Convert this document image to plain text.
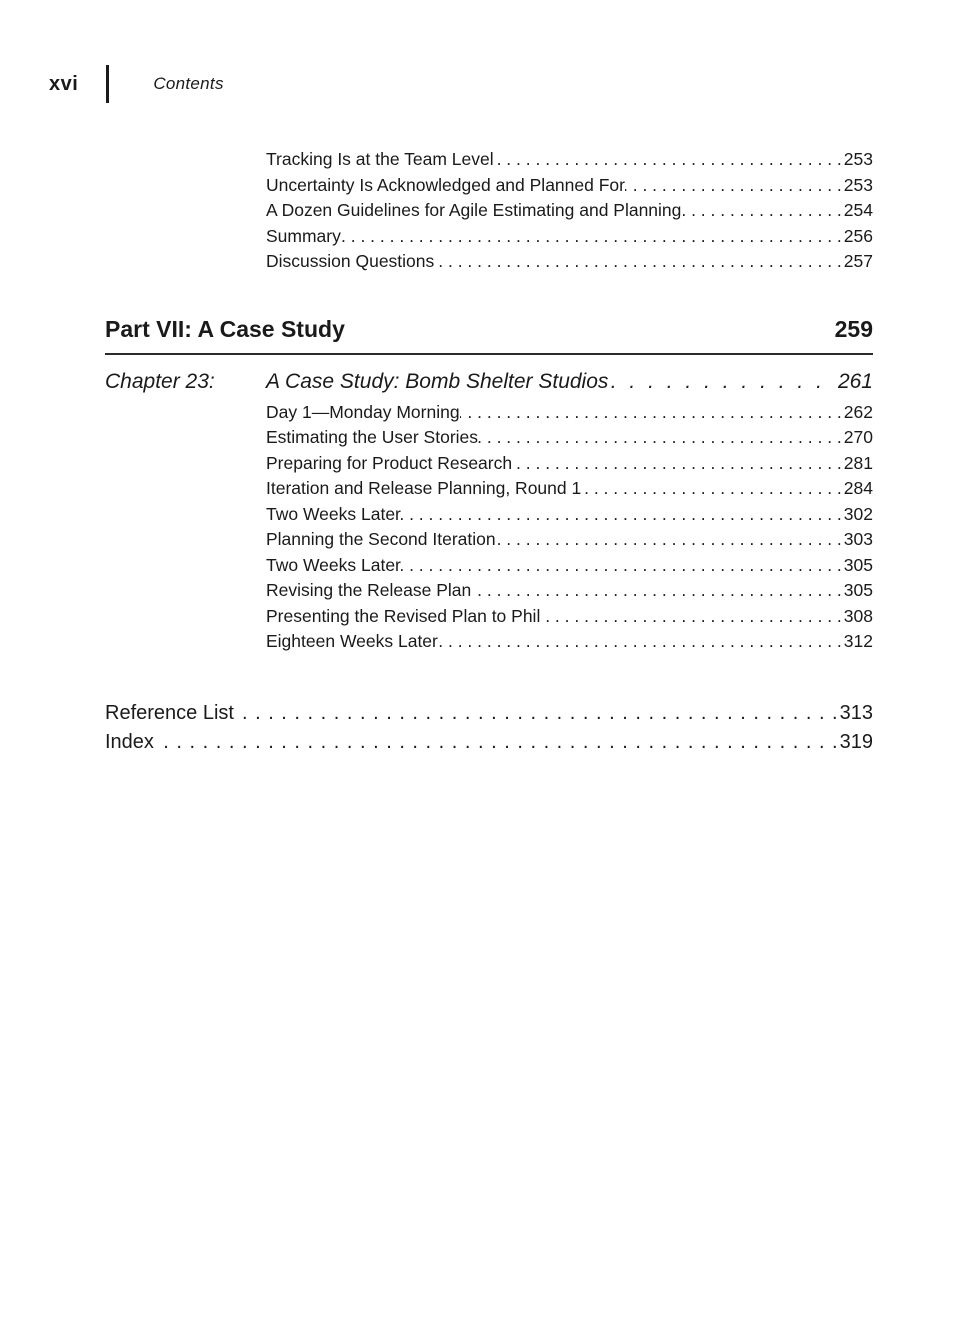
xvi	Contents
Tracking Is at the Team Level . . .	253
Uncertainty Is Acknowledged and Planned For . . .	253
A Dozen Guidelines for Agile Estimating and Planning . . .	254
Summary . . .	256
Discussion Questions . . .	257
Part VII: A Case Study	259
Chapter 23:	A Case Study: Bomb Shelter Studios . . .	261
Day 1—Monday Morning . . .	262
Estimating the User Stories . . .	270
Preparing for Product Research . . .	281
Iteration and Release Planning, Round 1 . . .	284
Two Weeks Later . . .	302
Planning the Second Iteration . . .	303
Two Weeks Later . . .	305
Revising the Release Plan . . .	305
Presenting the Revised Plan to Phil . . .	308
Eighteen Weeks Later . . .	312
Reference List . . .	313
Index . . .	319
